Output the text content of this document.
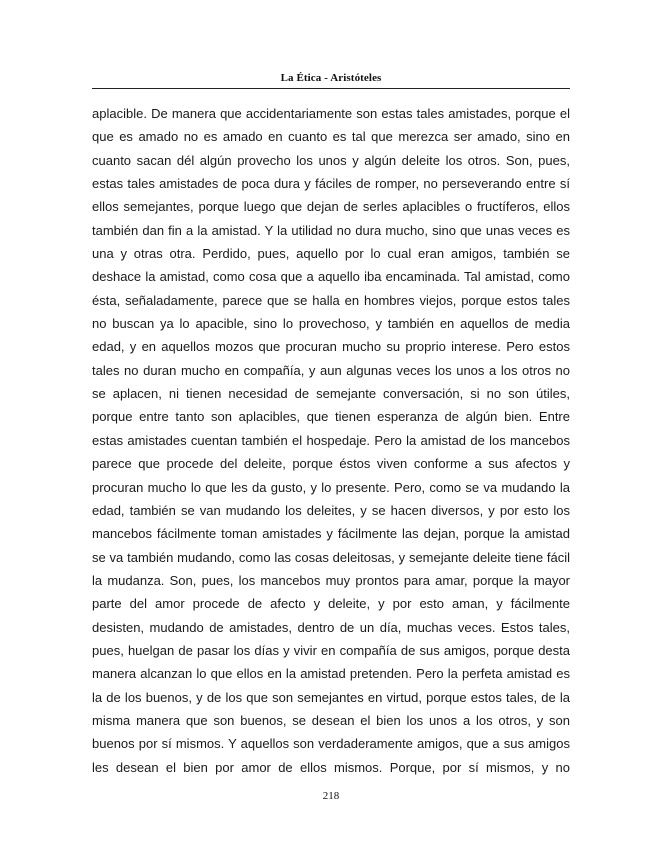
La Ética - Aristóteles
aplacible. De manera que accidentariamente son estas tales amistades, porque el
que es amado no es amado en cuanto es tal que merezca ser amado, sino en
cuanto sacan dél algún provecho los unos y algún deleite los otros. Son, pues,
estas tales amistades de poca dura y fáciles de romper, no perseverando entre sí
ellos semejantes, porque luego que dejan de serles aplacibles o fructíferos, ellos
también dan fin a la amistad. Y la utilidad no dura mucho, sino que unas veces es
una y otras otra. Perdido, pues, aquello por lo cual eran amigos, también se
deshace la amistad, como cosa que a aquello iba encaminada. Tal amistad, como
ésta, señaladamente, parece que se halla en hombres viejos, porque estos tales
no buscan ya lo apacible, sino lo provechoso, y también en aquellos de media
edad, y en aquellos mozos que procuran mucho su proprio interese. Pero estos
tales no duran mucho en compañía, y aun algunas veces los unos a los otros no
se aplacen, ni tienen necesidad de semejante conversación, si no son útiles,
porque entre tanto son aplacibles, que tienen esperanza de algún bien. Entre
estas amistades cuentan también el hospedaje. Pero la amistad de los mancebos
parece que procede del deleite, porque éstos viven conforme a sus afectos y
procuran mucho lo que les da gusto, y lo presente. Pero, como se va mudando la
edad, también se van mudando los deleites, y se hacen diversos, y por esto los
mancebos fácilmente toman amistades y fácilmente las dejan, porque la amistad
se va también mudando, como las cosas deleitosas, y semejante deleite tiene fácil
la mudanza. Son, pues, los mancebos muy prontos para amar, porque la mayor
parte del amor procede de afecto y deleite, y por esto aman, y fácilmente
desisten, mudando de amistades, dentro de un día, muchas veces. Estos tales,
pues, huelgan de pasar los días y vivir en compañía de sus amigos, porque desta
manera alcanzan lo que ellos en la amistad pretenden. Pero la perfeta amistad es
la de los buenos, y de los que son semejantes en virtud, porque estos tales, de la
misma manera que son buenos, se desean el bien los unos a los otros, y son
buenos por sí mismos. Y aquellos son verdaderamente amigos, que a sus amigos
les desean el bien por amor de ellos mismos. Porque, por sí mismos, y no
218
